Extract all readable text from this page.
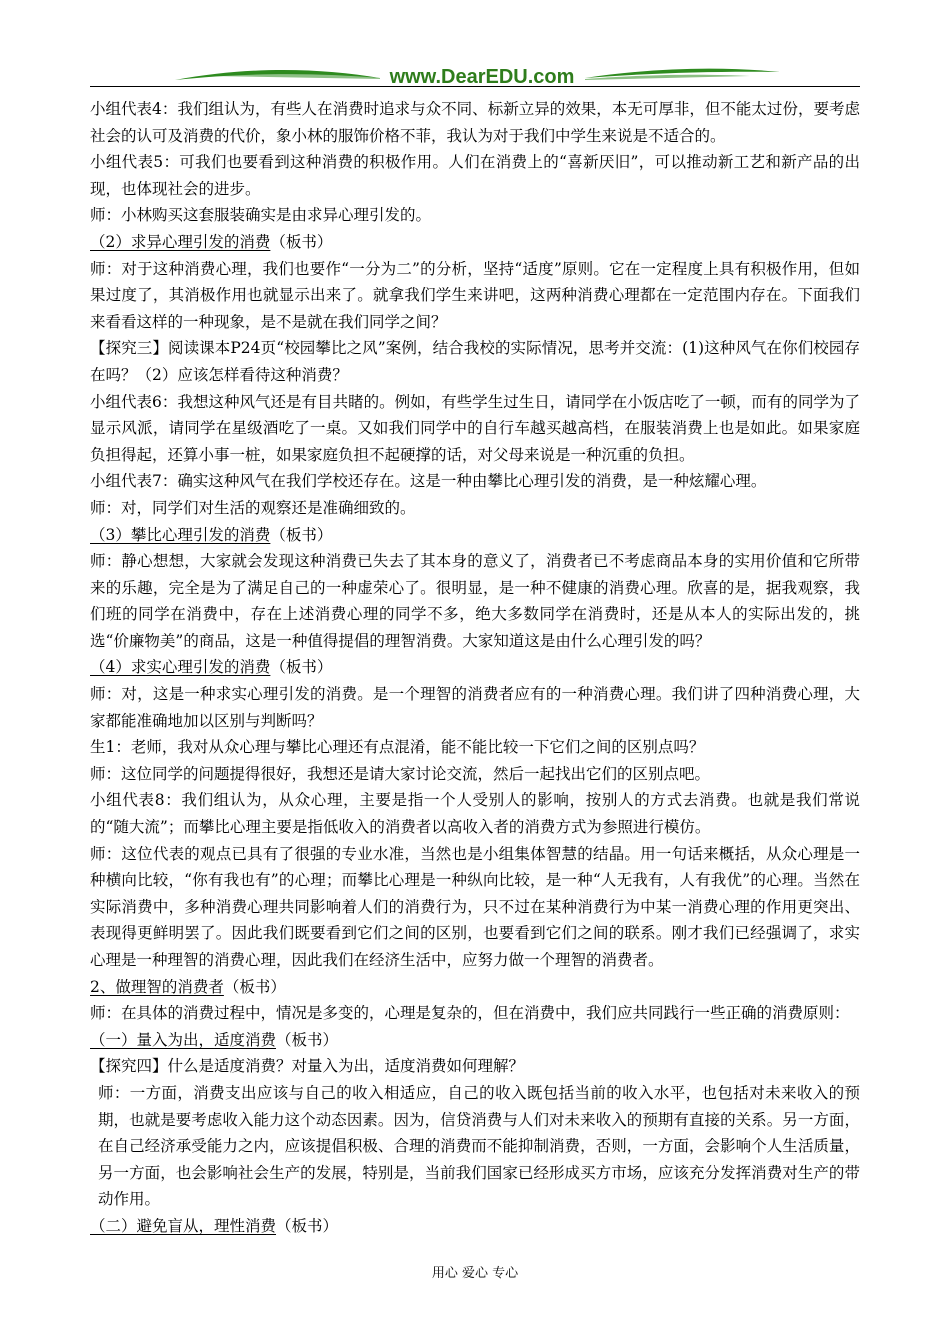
www.DearEDU.com

小组代表4：我们组认为，有些人在消费时追求与众不同、标新立异的效果，本无可厚非，但不能太过份，要考虑社会的认可及消费的代价，象小林的服饰价格不菲，我认为对于我们中学生来说是不适合的。

小组代表5：可我们也要看到这种消费的积极作用。人们在消费上的“喜新厌旧”，可以推动新工艺和新产品的出现，也体现社会的进步。

师：小林购买这套服装确实是由求异心理引发的。

（2）求异心理引发的消费（板书）

师：对于这种消费心理，我们也要作“一分为二”的分析，坚持“适度”原则。它在一定程度上具有积极作用，但如果过度了，其消极作用也就显示出来了。就拿我们学生来讲吧，这两种消费心理都在一定范围内存在。下面我们来看看这样的一种现象，是不是就在我们同学之间？

【探究三】阅读课本P24页“校园攀比之风”案例，结合我校的实际情况，思考并交流：(1)这种风气在你们校园存在吗？（2）应该怎样看待这种消费？

小组代表6：我想这种风气还是有目共睹的。例如，有些学生过生日，请同学在小饭店吃了一顿，而有的同学为了显示风派，请同学在星级酒吃了一桌。又如我们同学中的自行车越买越高档，在服装消费上也是如此。如果家庭负担得起，还算小事一桩，如果家庭负担不起硬撑的话，对父母来说是一种沉重的负担。

小组代表7：确实这种风气在我们学校还存在。这是一种由攀比心理引发的消费，是一种炫耀心理。

师：对，同学们对生活的观察还是准确细致的。

（3）攀比心理引发的消费（板书）

师：静心想想，大家就会发现这种消费已失去了其本身的意义了，消费者已不考虑商品本身的实用价值和它所带来的乐趣，完全是为了满足自己的一种虚荣心了。很明显，是一种不健康的消费心理。欣喜的是，据我观察，我们班的同学在消费中，存在上述消费心理的同学不多，绝大多数同学在消费时，还是从本人的实际出发的，挑选“价廉物美”的商品，这是一种值得提倡的理智消费。大家知道这是由什么心理引发的吗？

（4）求实心理引发的消费（板书）

师：对，这是一种求实心理引发的消费。是一个理智的消费者应有的一种消费心理。我们讲了四种消费心理，大家都能准确地加以区别与判断吗？

生1：老师，我对从众心理与攀比心理还有点混淆，能不能比较一下它们之间的区别点吗？

师：这位同学的问题提得很好，我想还是请大家讨论交流，然后一起找出它们的区别点吧。

小组代表8：我们组认为，从众心理，主要是指一个人受别人的影响，按别人的方式去消费。也就是我们常说的“随大流”；而攀比心理主要是指低收入的消费者以高收入者的消费方式为参照进行模仿。

师：这位代表的观点已具有了很强的专业水准，当然也是小组集体智慧的结晶。用一句话来概括，从众心理是一种横向比较，“你有我也有”的心理；而攀比心理是一种纵向比较，是一种“人无我有，人有我优”的心理。当然在实际消费中，多种消费心理共同影响着人们的消费行为，只不过在某种消费行为中某一消费心理的作用更突出、表现得更鲜明罢了。因此我们既要看到它们之间的区别，也要看到它们之间的联系。刚才我们已经强调了，求实心理是一种理智的消费心理，因此我们在经济生活中，应努力做一个理智的消费者。

2、做理智的消费者（板书）

师：在具体的消费过程中，情况是多变的，心理是复杂的，但在消费中，我们应共同践行一些正确的消费原则：

（一）量入为出，适度消费（板书）

【探究四】什么是适度消费？对量入为出，适度消费如何理解？

师：一方面，消费支出应该与自己的收入相适应，自己的收入既包括当前的收入水平，也包括对未来收入的预期，也就是要考虑收入能力这个动态因素。因为，信贷消费与人们对未来收入的预期有直接的关系。另一方面，在自己经济承受能力之内，应该提倡积极、合理的消费而不能抑制消费，否则，一方面，会影响个人生活质量，另一方面，也会影响社会生产的发展，特别是，当前我们国家已经形成买方市场，应该充分发挥消费对生产的带动作用。

（二）避免盲从，理性消费（板书）

用心 爱心 专心
